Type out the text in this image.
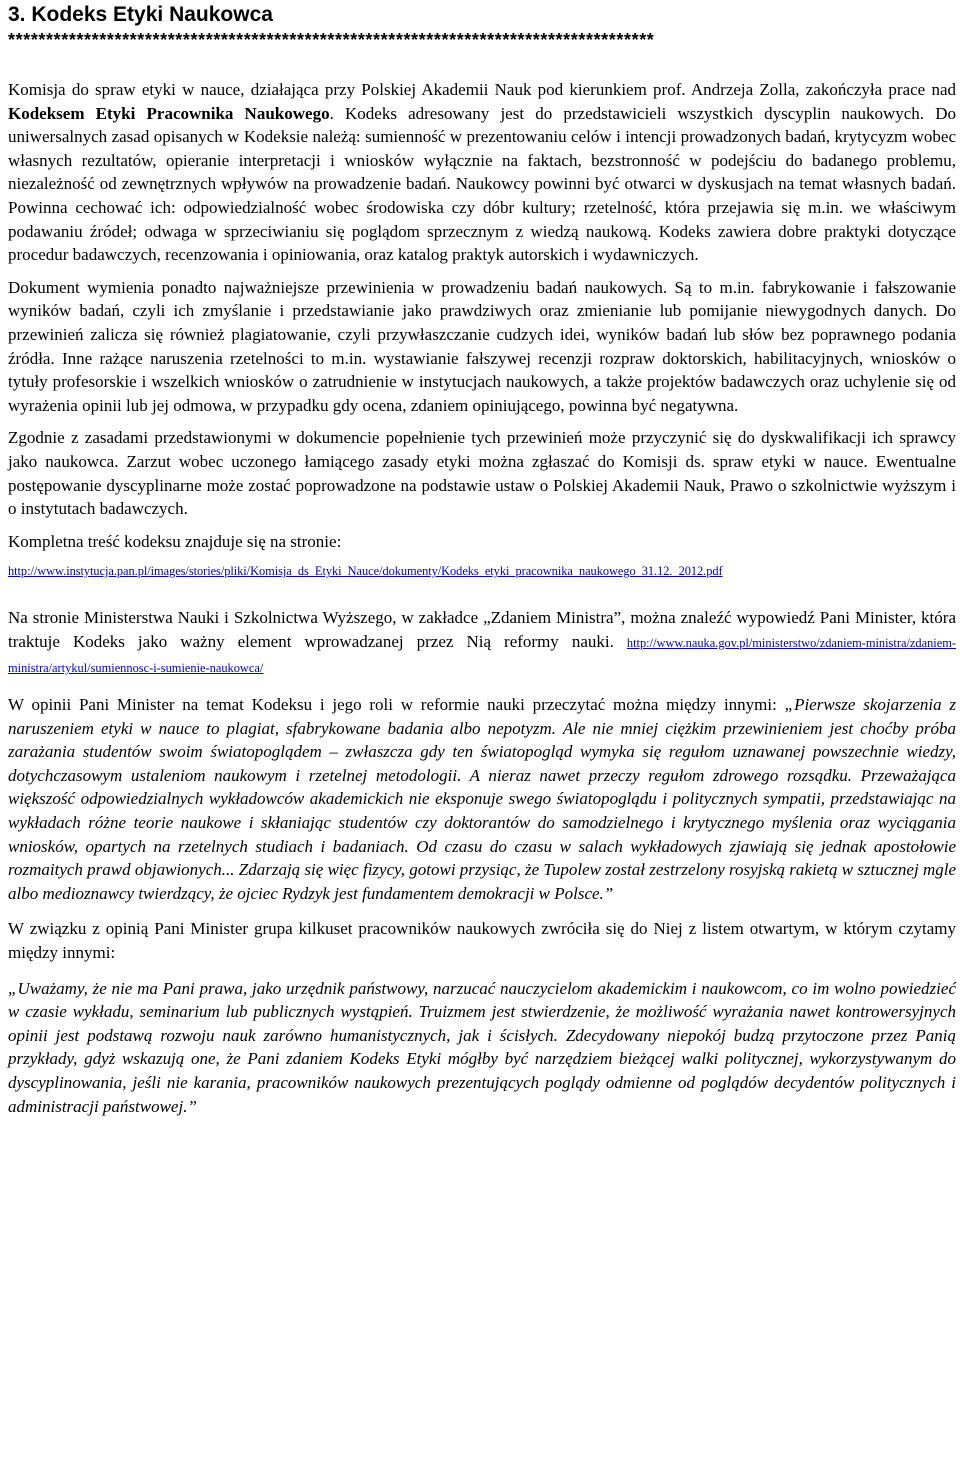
3. Kodeks Etyki Naukowca
*************************************************************************************

Komisja do spraw etyki w nauce, działająca przy Polskiej Akademii Nauk pod kierunkiem prof. Andrzeja Zolla, zakończyła prace nad Kodeksem Etyki Pracownika Naukowego. Kodeks adresowany jest do przedstawicieli wszystkich dyscyplin naukowych. Do uniwersalnych zasad opisanych w Kodeksie należą: sumienność w prezentowaniu celów i intencji prowadzonych badań, krytycyzm wobec własnych rezultatów, opieranie interpretacji i wniosków wyłącznie na faktach, bezstronność w podejściu do badanego problemu, niezależność od zewnętrznych wpływów na prowadzenie badań. Naukowcy powinni być otwarci w dyskusjach na temat własnych badań. Powinna cechować ich: odpowiedzialność wobec środowiska czy dóbr kultury; rzetelność, która przejawia się m.in. we właściwym podawaniu źródeł; odwaga w sprzeciwianiu się poglądom sprzecznym z wiedzą naukową. Kodeks zawiera dobre praktyki dotyczące procedur badawczych, recenzowania i opiniowania, oraz katalog praktyk autorskich i wydawniczych.

Dokument wymienia ponadto najważniejsze przewinienia w prowadzeniu badań naukowych. Są to m.in. fabrykowanie i fałszowanie wyników badań, czyli ich zmyślanie i przedstawianie jako prawdziwych oraz zmienianie lub pomijanie niewygodnych danych. Do przewinień zalicza się również plagiatowanie, czyli przywłaszczanie cudzych idei, wyników badań lub słów bez poprawnego podania źródła. Inne rażące naruszenia rzetelności to m.in. wystawianie fałszywej recenzji rozpraw doktorskich, habilitacyjnych, wniosków o tytuły profesorskie i wszelkich wniosków o zatrudnienie w instytucjach naukowych, a także projektów badawczych oraz uchylenie się od wyrażenia opinii lub jej odmowa, w przypadku gdy ocena, zdaniem opiniującego, powinna być negatywna.

Zgodnie z zasadami przedstawionymi w dokumencie popełnienie tych przewinień może przyczynić się do dyskwalifikacji ich sprawcy jako naukowca. Zarzut wobec uczonego łamiącego zasady etyki można zgłaszać do Komisji ds. spraw etyki w nauce. Ewentualne postępowanie dyscyplinarne może zostać poprowadzone na podstawie ustaw o Polskiej Akademii Nauk, Prawo o szkolnictwie wyższym i o instytutach badawczych.

Kompletna treść kodeksu znajduje się na stronie:

http://www.instytucja.pan.pl/images/stories/pliki/Komisja_ds_Etyki_Nauce/dokumenty/Kodeks_etyki_pracownika_naukowego_31.12._2012.pdf

Na stronie Ministerstwa Nauki i Szkolnictwa Wyższego, w zakładce „Zdaniem Ministra”, można znaleźć wypowiedź Pani Minister, która traktuje Kodeks jako ważny element wprowadzanej przez Nią reformy nauki. http://www.nauka.gov.pl/ministerstwo/zdaniem-ministra/zdaniem-ministra/artykul/sumiennosc-i-sumienie-naukowca/

W opinii Pani Minister na temat Kodeksu i jego roli w reformie nauki przeczytać można między innymi: „Pierwsze skojarzenia z naruszeniem etyki w nauce to plagiat, sfabrykowane badania albo nepotyzm. Ale nie mniej ciężkim przewinieniem jest choćby próba zarażania studentów swoim światopoglądem – zwłaszcza gdy ten światopogląd wymyka się regułom uznawanej powszechnie wiedzy, dotychczasowym ustaleniom naukowym i rzetelnej metodologii. A nieraz nawet przeczy regułom zdrowego rozsądku. Przeważająca większość odpowiedzialnych wykładowców akademickich nie eksponuje swego światopoglądu i politycznych sympatii, przedstawiając na wykładach różne teorie naukowe i skłaniając studentów czy doktorantów do samodzielnego i krytycznego myślenia oraz wyciągania wniosków, opartych na rzetelnych studiach i badaniach. Od czasu do czasu w salach wykładowych zjawiają się jednak apostołowie rozmaitych prawd objawionych... Zdarzają się więc fizycy, gotowi przysiąc, że Tupolew został zestrzelony rosyjską rakietą w sztucznej mgle albo medioznawcy twierdzący, że ojciec Rydzyk jest fundamentem demokracji w Polsce.”

W związku z opinią Pani Minister grupa kilkuset pracowników naukowych zwróciła się do Niej z listem otwartym, w którym czytamy między innymi:

„Uważamy, że nie ma Pani prawa, jako urzędnik państwowy, narzucać nauczycielom akademickim i naukowcom, co im wolno powiedzieć w czasie wykładu, seminarium lub publicznych wystąpień. Truizmem jest stwierdzenie, że możliwość wyrażania nawet kontrowersyjnych opinii jest podstawą rozwoju nauk zarówno humanistycznych, jak i ścisłych. Zdecydowany niepokój budzą przytoczone przez Panią przykłady, gdyż wskazują one, że Pani zdaniem Kodeks Etyki mógłby być narzędziem bieżącej walki politycznej, wykorzystywanym do dyscyplinowania, jeśli nie karania, pracowników naukowych prezentujących poglądy odmienne od poglądów decydentów politycznych i administracji państwowej.”
